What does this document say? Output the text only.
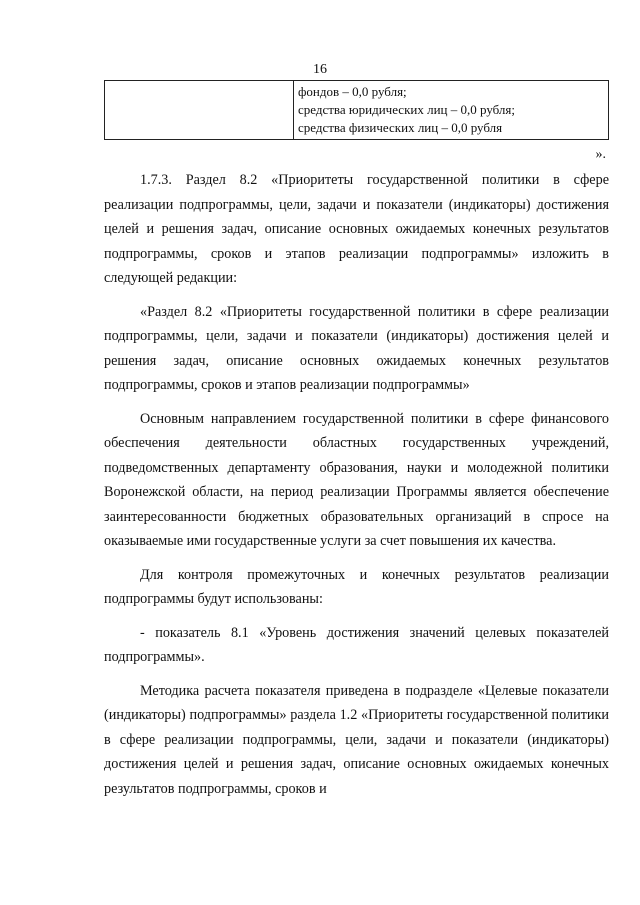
16

фондов – 0,0 рубля;
средства юридических лиц – 0,0 рубля;
средства физических лиц – 0,0 рубля
».

1.7.3. Раздел 8.2 «Приоритеты государственной политики в сфере реализации подпрограммы, цели, задачи и показатели (индикаторы) достижения целей и решения задач, описание основных ожидаемых конечных результатов подпрограммы, сроков и этапов реализации подпрограммы» изложить в следующей редакции:

«Раздел 8.2 «Приоритеты государственной политики в сфере реализации подпрограммы, цели, задачи и показатели (индикаторы) достижения целей и решения задач, описание основных ожидаемых конечных результатов подпрограммы, сроков и этапов реализации подпрограммы»

Основным направлением государственной политики в сфере финансового обеспечения деятельности областных государственных учреждений, подведомственных департаменту образования, науки и молодежной политики Воронежской области, на период реализации Программы является обеспечение заинтересованности бюджетных образовательных организаций в спросе на оказываемые ими государственные услуги за счет повышения их качества.

Для контроля промежуточных и конечных результатов реализации подпрограммы будут использованы:

- показатель 8.1 «Уровень достижения значений целевых показателей подпрограммы».

Методика расчета показателя приведена в подразделе «Целевые показатели (индикаторы) подпрограммы» раздела 1.2 «Приоритеты государственной политики в сфере реализации подпрограммы, цели, задачи и показатели (индикаторы) достижения целей и решения задач, описание основных ожидаемых конечных результатов подпрограммы, сроков и
